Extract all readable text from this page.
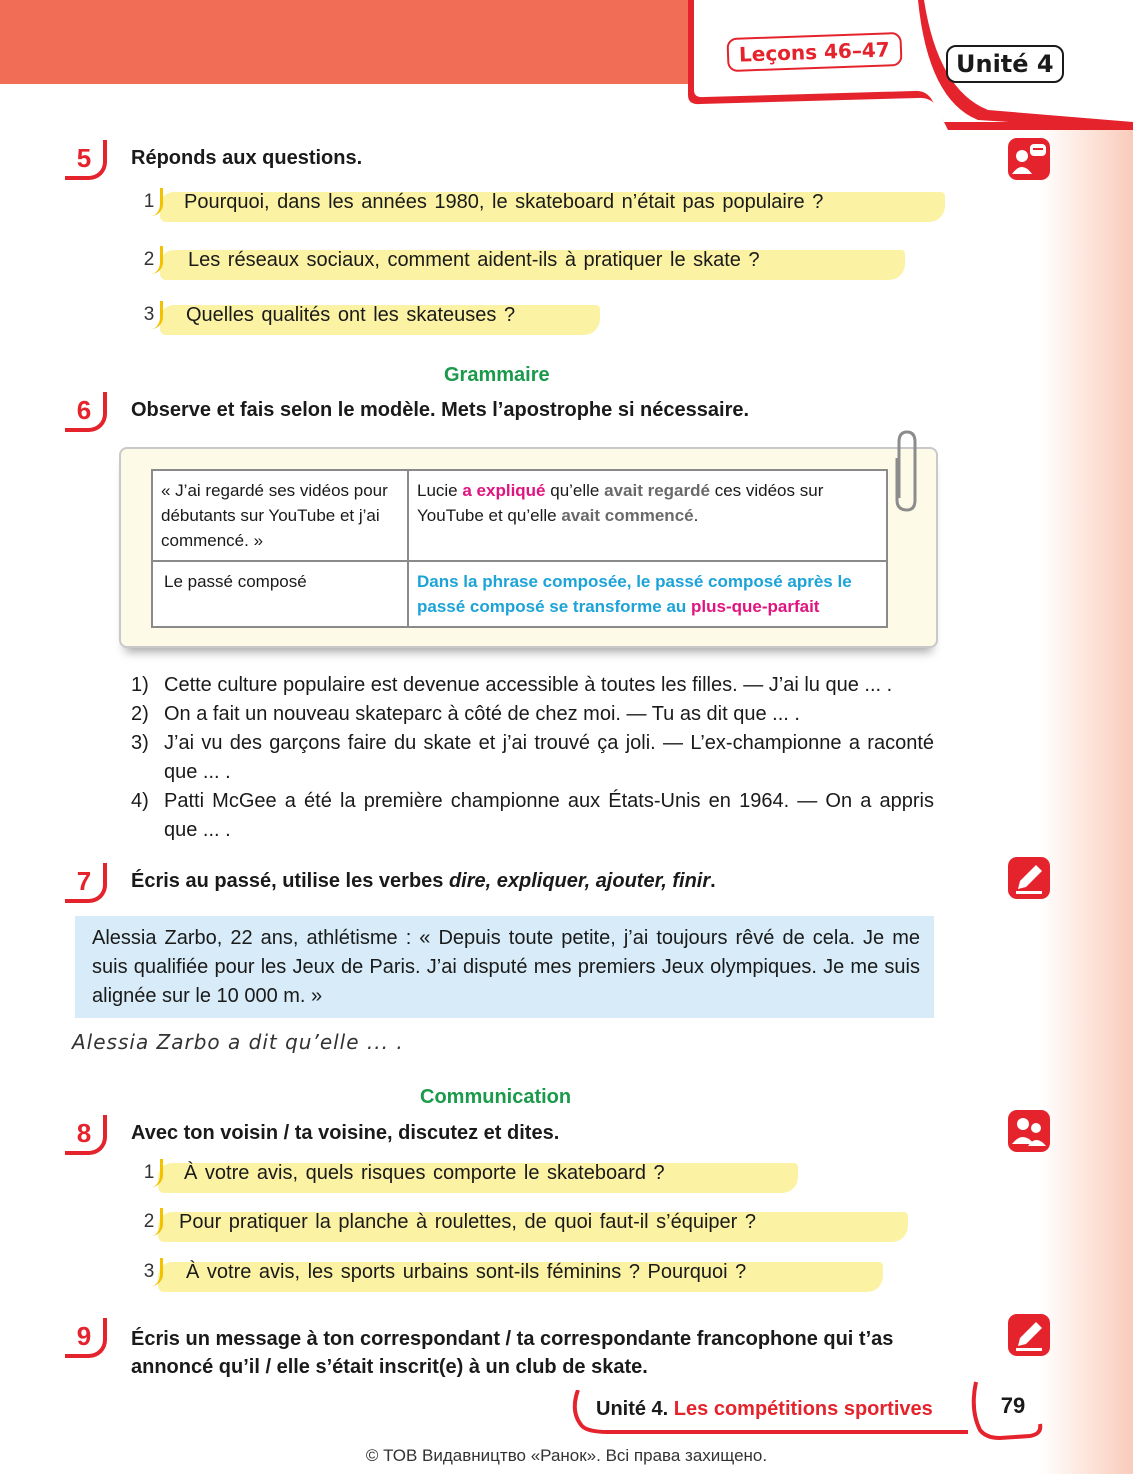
Leçons 46–47	Unité 4
5	Réponds aux questions.
1	Pourquoi, dans les années 1980, le skateboard n’était pas populaire ?
2	Les réseaux sociaux, comment aident-ils à pratiquer le skate ?
3	Quelles qualités ont les skateuses ?
Grammaire
6	Observe et fais selon le modèle. Mets l’apostrophe si nécessaire.
« J’ai regardé ses vidéos pour débutants sur YouTube et j’ai commencé. »	Lucie a expliqué qu’elle avait regardé ces vidéos sur YouTube et qu’elle avait commencé.
Le passé composé	Dans la phrase composée, le passé composé après le passé composé se transforme au plus-que-parfait
1) Cette culture populaire est devenue accessible à toutes les filles. — J’ai lu que ... .
2) On a fait un nouveau skateparc à côté de chez moi. — Tu as dit que ... .
3) J’ai vu des garçons faire du skate et j’ai trouvé ça joli. — L’ex-championne a raconté que ... .
4) Patti McGee a été la première championne aux États-Unis en 1964. — On a appris que ... .
7	Écris au passé, utilise les verbes dire, expliquer, ajouter, finir.
Alessia Zarbo, 22 ans, athlétisme : « Depuis toute petite, j’ai toujours rêvé de cela. Je me suis qualifiée pour les Jeux de Paris. J’ai disputé mes premiers Jeux olympiques. Je me suis alignée sur le 10 000 m. »
Alessia Zarbo a dit qu’elle ... .
Communication
8	Avec ton voisin / ta voisine, discutez et dites.
1	À votre avis, quels risques comporte le skateboard ?
2	Pour pratiquer la planche à roulettes, de quoi faut-il s’équiper ?
3	À votre avis, les sports urbains sont-ils féminins ? Pourquoi ?
9	Écris un message à ton correspondant / ta correspondante francophone qui t’as annoncé qu’il / elle s’était inscrit(e) à un club de skate.
Unité 4. Les compétitions sportives	79
© ТОВ Видавництво «Ранок». Всі права захищено.
